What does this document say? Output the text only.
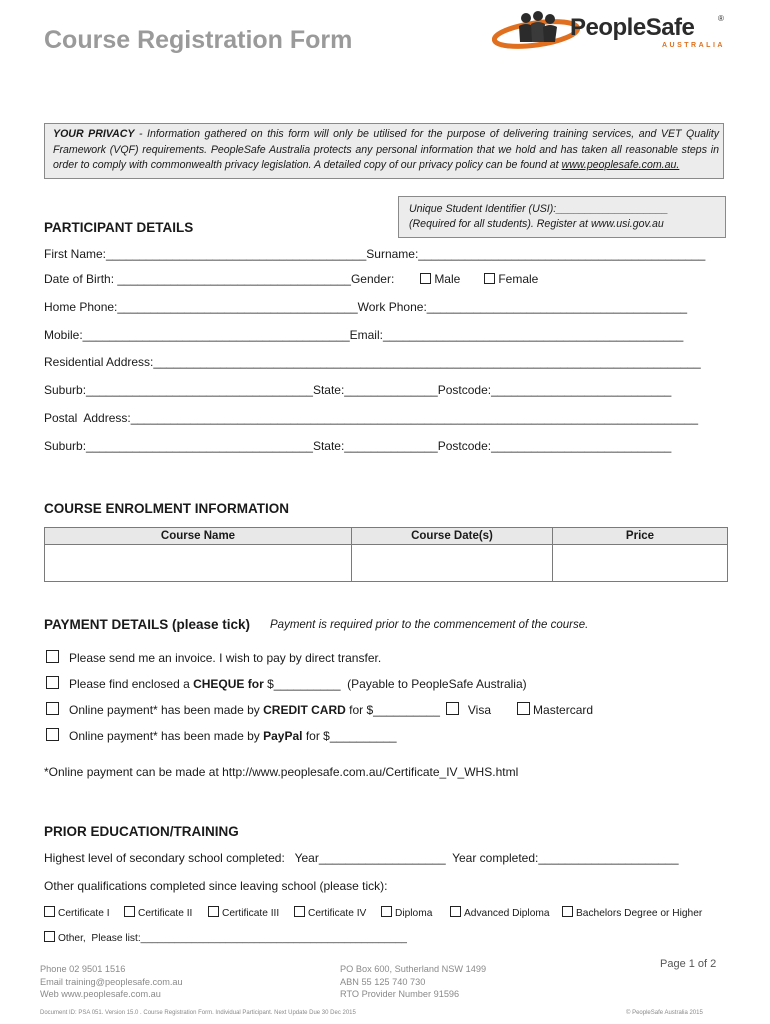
Course Registration Form	PeopleSafe	®
AUSTRALIA
YOUR PRIVACY - Information gathered on this form will only be utilised for the purpose of delivering training services, and VET Quality Framework (VQF) requirements. PeopleSafe Australia protects any personal information that we hold and has taken all reasonable steps in order to comply with commonwealth privacy legislation. A detailed copy of our privacy policy can be found at www.peoplesafe.com.au.
PARTICIPANT DETAILS
Unique Student Identifier (USI):___________________
(Required for all students). Register at www.usi.gov.au
First Name:_______________________________________Surname:___________________________________________
Date of Birth: ___________________________________Gender:	Male	Female
Home Phone:____________________________________Work Phone:_______________________________________
Mobile:________________________________________Email:_____________________________________________
Residential Address:__________________________________________________________________________________
Suburb:__________________________________State:______________Postcode:___________________________
Postal  Address:_____________________________________________________________________________________
Suburb:__________________________________State:______________Postcode:___________________________
COURSE ENROLMENT INFORMATION
Course Name	Course Date(s)	Price

PAYMENT DETAILS (please tick) Payment is required prior to the commencement of the course.
Please send me an invoice. I wish to pay by direct transfer.
Please find enclosed a CHEQUE for $__________  (Payable to PeopleSafe Australia)
Online payment* has been made by CREDIT CARD for $__________ Visa	Mastercard
Online payment* has been made by PayPal for $__________
*Online payment can be made at http://www.peoplesafe.com.au/Certificate_IV_WHS.html
PRIOR EDUCATION/TRAINING
Highest level of secondary school completed:   Year___________________  Year completed:_____________________
Other qualifications completed since leaving school (please tick):
Certificate I	Certificate II	Certificate III	Certificate IV	Diploma	Advanced Diploma	Bachelors Degree or Higher
Other,  Please list:_______________________________________________
Phone 02 9501 1516
Email training@peoplesafe.com.au
Web www.peoplesafe.com.au
PO Box 600, Sutherland NSW 1499
ABN 55 125 740 730
RTO Provider Number 91596
Page 1 of 2
Document ID: PSA 051. Version 15.0 . Course Registration Form. Individual Participant. Next Update Due 30 Dec 2015	© PeopleSafe Australia 2015
